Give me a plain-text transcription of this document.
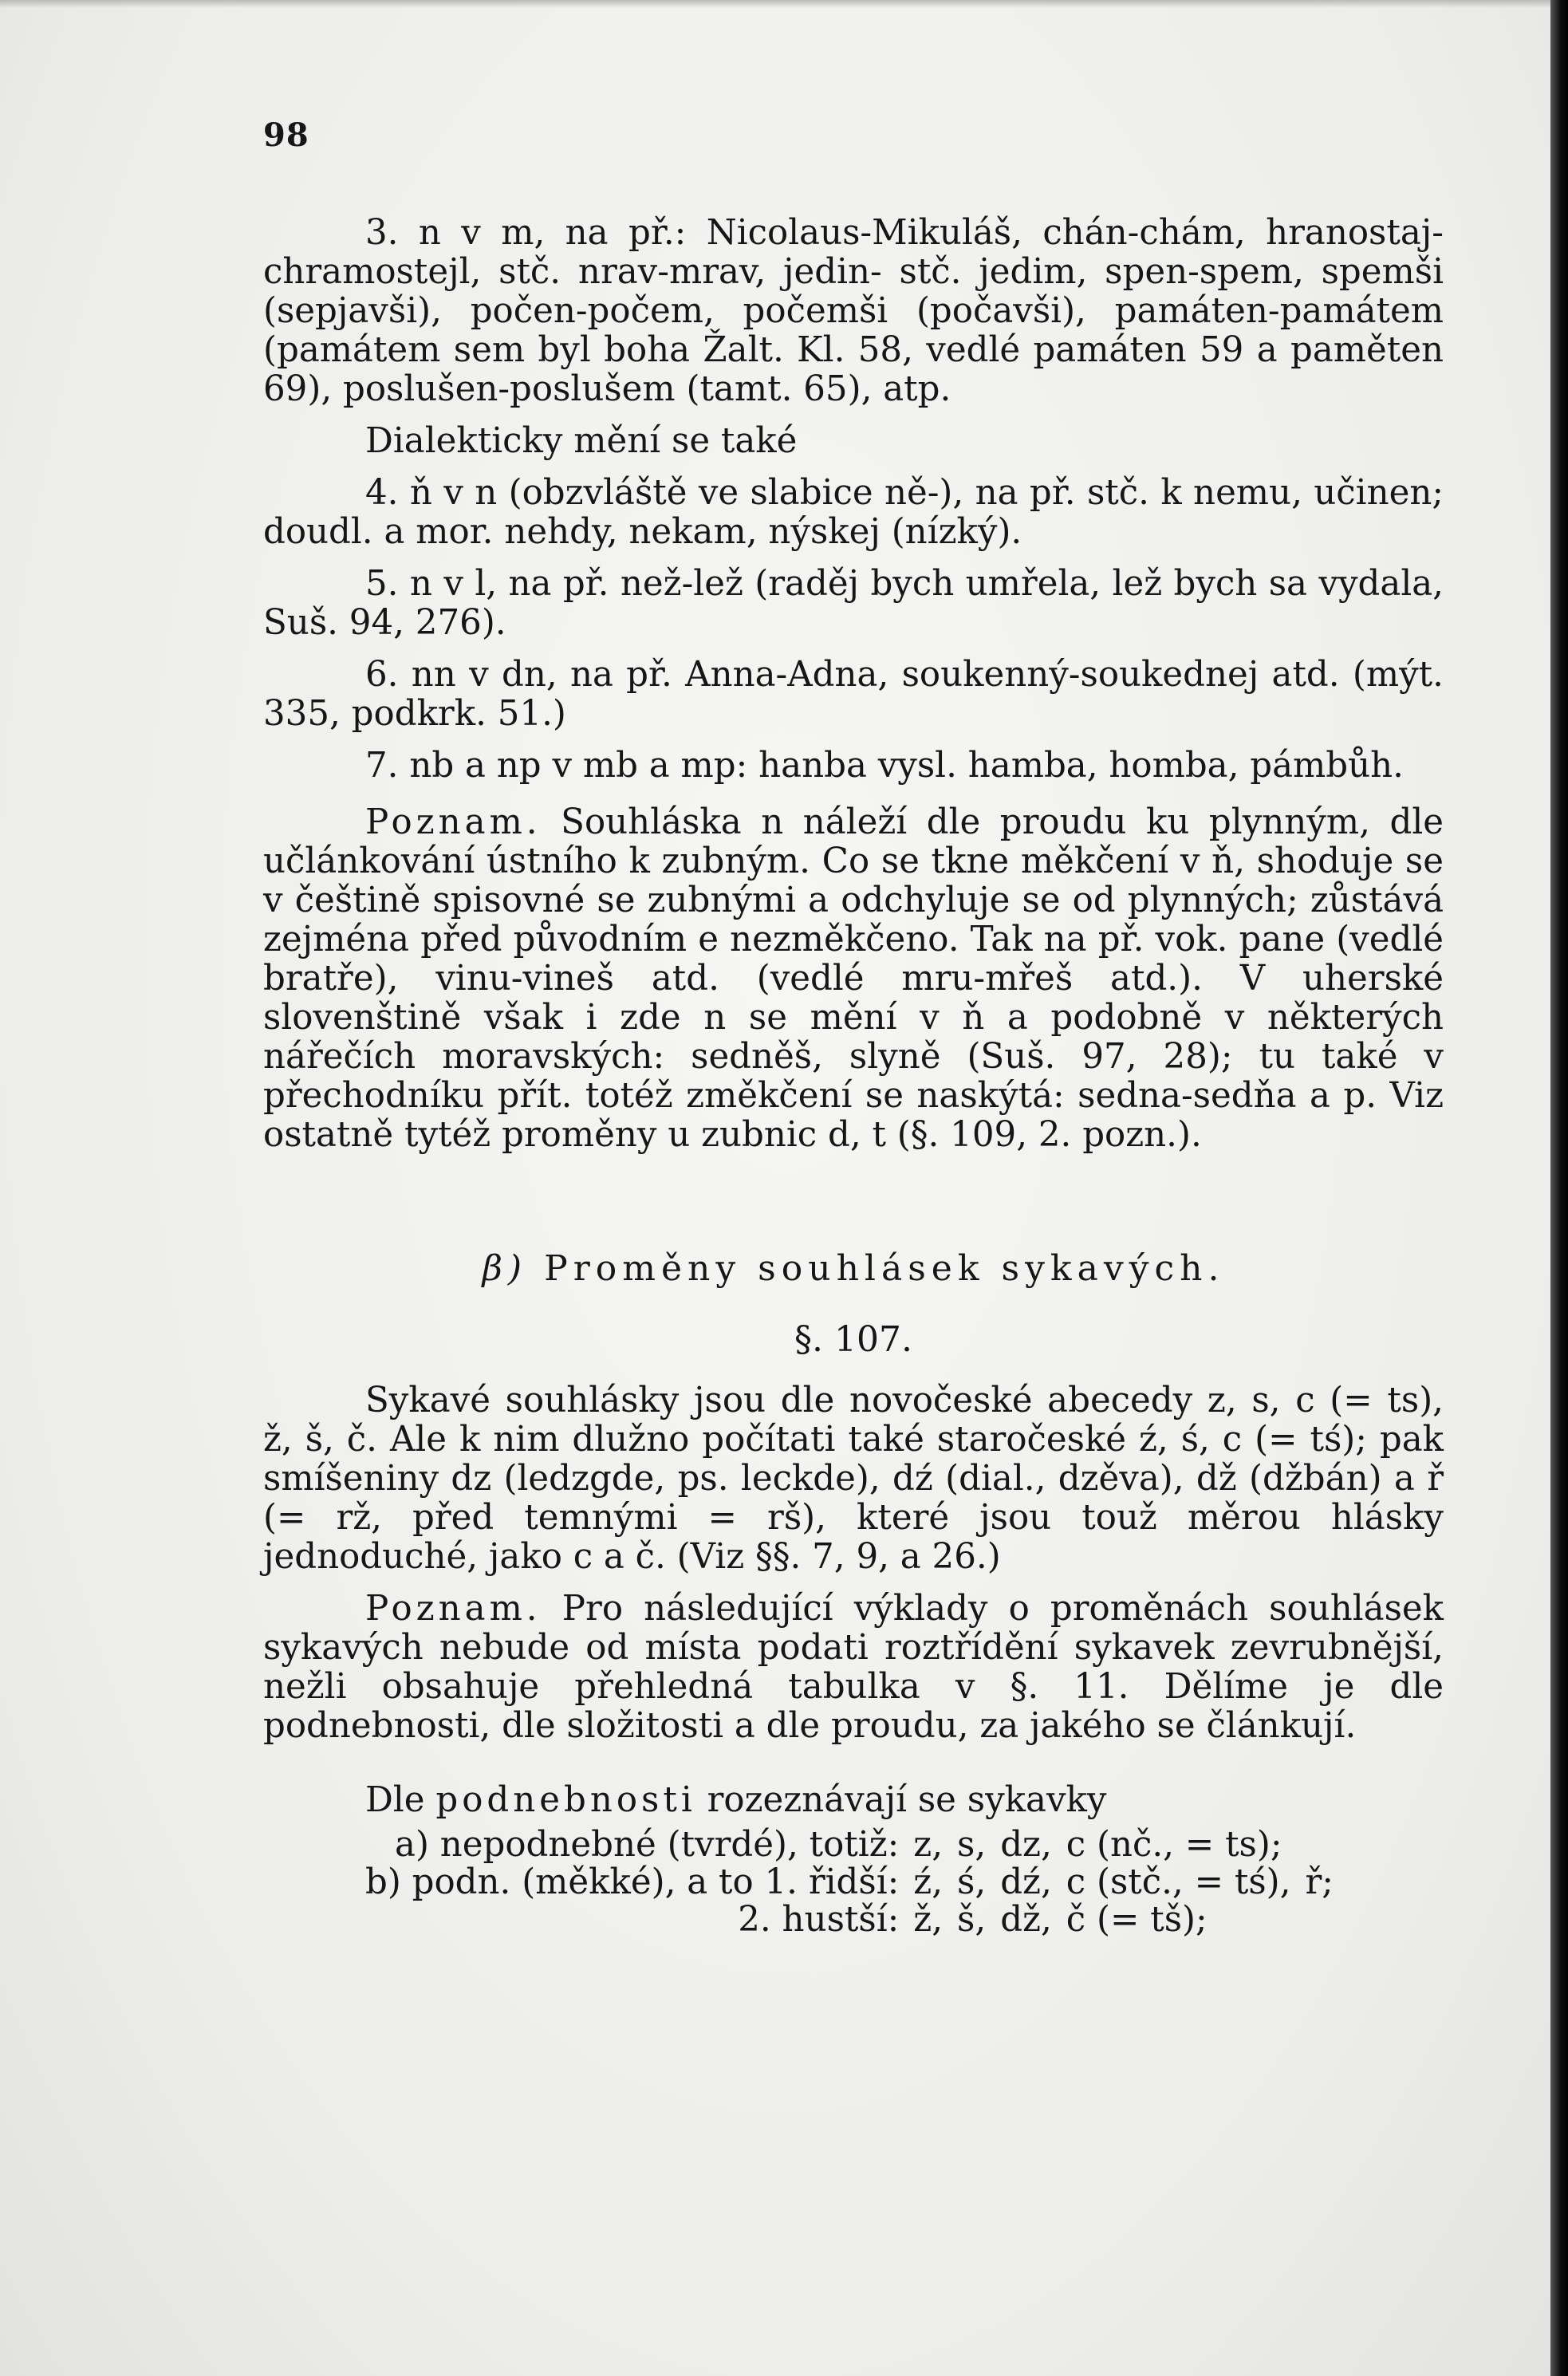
98

3. n v m, na př.: Nicolaus-Mikuláš, chán-chám, hranostaj-chramostejl, stč. nrav-mrav, jedin- stč. jedim, spen-spem, spemši (sepjavši), počen-počem, počemši (počavši), památen-památem (památem sem byl boha Žalt. Kl. 58, vedlé památen 59 a paměten 69), poslušen-poslušem (tamt. 65), atp.

Dialekticky mění se také

4. ň v n (obzvláště ve slabice ně-), na př. stč. k nemu, učinen; doudl. a mor. nehdy, nekam, nýskej (nízký).

5. n v l, na př. než-lež (raděj bych umřela, lež bych sa vydala, Suš. 94, 276).

6. nn v dn, na př. Anna-Adna, soukenný-soukednej atd. (mýt. 335, podkrk. 51.)

7. nb a np v mb a mp: hanba vysl. hamba, homba, pámbůh.

Poznam. Souhláska n náleží dle proudu ku plynným, dle učlánkování ústního k zubným. Co se tkne měkčení v ň, shoduje se v češtině spisovné se zubnými a odchyluje se od plynných; zůstává zejména před původním e nezměkčeno. Tak na př. vok. pane (vedlé bratře), vinu-vineš atd. (vedlé mru-mřeš atd.). V uherské slovenštině však i zde n se mění v ň a podobně v některých nářečích moravských: sedněš, slyně (Suš. 97, 28); tu také v přechodníku přít. totéž změkčení se naskýtá: sedna-sedňa a p. Viz ostatně tytéž proměny u zubnic d, t (§. 109, 2. pozn.).

β) Proměny souhlásek sykavých.
§. 107.

Sykavé souhlásky jsou dle novočeské abecedy z, s, c (= ts), ž, š, č. Ale k nim dlužno počítati také staročeské ź, ś, c (= tś); pak smíšeniny dz (ledzgde, ps. leckde), dź (dial., dzěva), dž (džbán) a ř (= rž, před temnými = rš), které jsou touž měrou hlásky jednoduché, jako c a č. (Viz §§. 7, 9, a 26.)

Poznam. Pro následující výklady o proměnách souhlásek sykavých nebude od místa podati roztřídění sykavek zevrubnější, nežli obsahuje přehledná tabulka v §. 11. Dělíme je dle podnebnosti, dle složitosti a dle proudu, za jakého se článkují.

Dle podnebnosti rozeznávají se sykavky

a) nepodnebné (tvrdé), totiž:	z,	s,	dz,	c (nč., = ts);	
b) podn. (měkké), a to 1. řidší:	ź,	ś,	dź,	c (stč., = tś),	ř;
2. hustší:	ž,	š,	dž,	č (= tš);	
